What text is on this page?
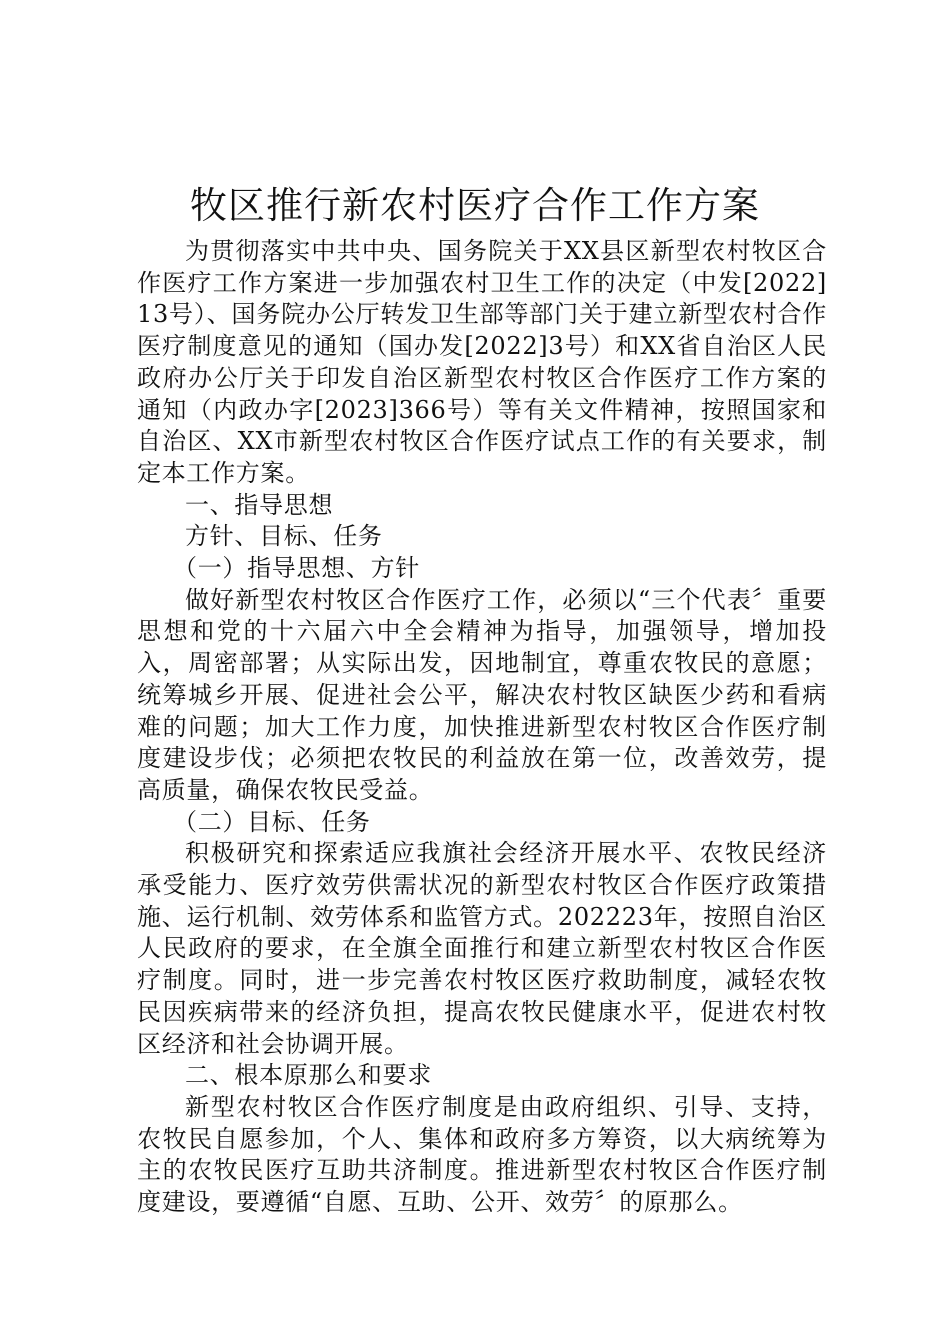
牧区推行新农村医疗合作工作方案

为贯彻落实中共中央、国务院关于XX县区新型农村牧区合作医疗工作方案进一步加强农村卫生工作的决定（中发[2022]13号）、国务院办公厅转发卫生部等部门关于建立新型农村合作医疗制度意见的通知（国办发[2022]3号）和XX省自治区人民政府办公厅关于印发自治区新型农村牧区合作医疗工作方案的通知（内政办字[2023]366号）等有关文件精神，按照国家和自治区、XX市新型农村牧区合作医疗试点工作的有关要求，制定本工作方案。

一、指导思想

方针、目标、任务

（一）指导思想、方针

做好新型农村牧区合作医疗工作，必须以“三个代表〞重要思想和党的十六届六中全会精神为指导，加强领导，增加投入，周密部署；从实际出发，因地制宜，尊重农牧民的意愿；统筹城乡开展、促进社会公平，解决农村牧区缺医少药和看病难的问题；加大工作力度，加快推进新型农村牧区合作医疗制度建设步伐；必须把农牧民的利益放在第一位，改善效劳，提高质量，确保农牧民受益。

（二）目标、任务

积极研究和探索适应我旗社会经济开展水平、农牧民经济承受能力、医疗效劳供需状况的新型农村牧区合作医疗政策措施、运行机制、效劳体系和监管方式。202223年，按照自治区人民政府的要求，在全旗全面推行和建立新型农村牧区合作医疗制度。同时，进一步完善农村牧区医疗救助制度，减轻农牧民因疾病带来的经济负担，提高农牧民健康水平，促进农村牧区经济和社会协调开展。

二、根本原那么和要求

新型农村牧区合作医疗制度是由政府组织、引导、支持，农牧民自愿参加，个人、集体和政府多方筹资，以大病统筹为主的农牧民医疗互助共济制度。推进新型农村牧区合作医疗制度建设，要遵循“自愿、互助、公开、效劳〞的原那么。
